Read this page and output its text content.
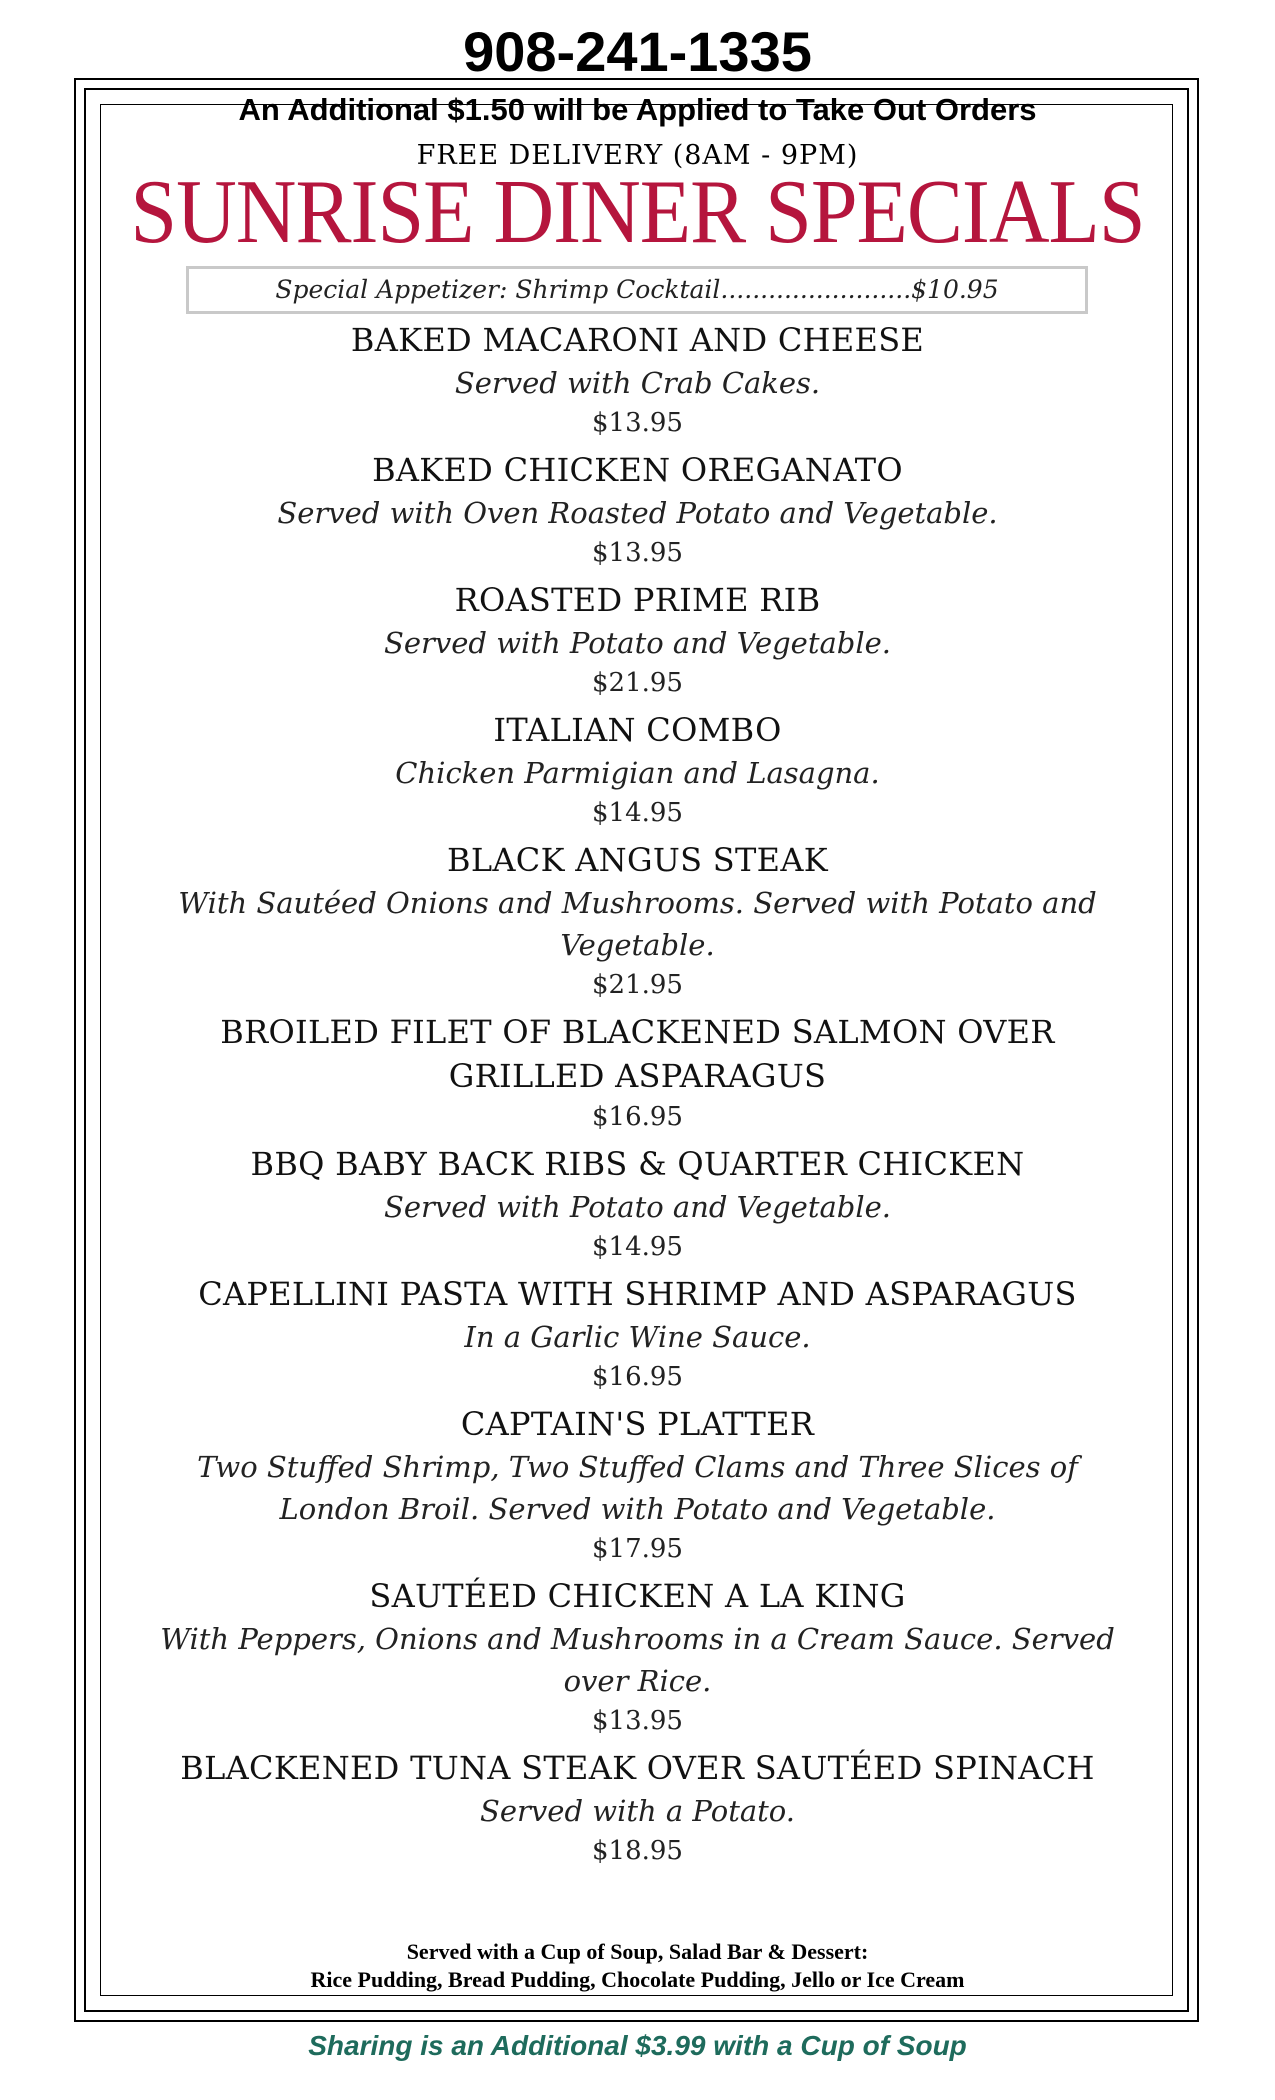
908-241-1335
An Additional $1.50 will be Applied to Take Out Orders
FREE DELIVERY (8AM - 9PM)
SUNRISE DINER SPECIALS
Special Appetizer: Shrimp Cocktail........................$10.95
BAKED MACARONI AND CHEESE
Served with Crab Cakes.
$13.95
BAKED CHICKEN OREGANATO
Served with Oven Roasted Potato and Vegetable.
$13.95
ROASTED PRIME RIB
Served with Potato and Vegetable.
$21.95
ITALIAN COMBO
Chicken Parmigian and Lasagna.
$14.95
BLACK ANGUS STEAK
With Sautéed Onions and Mushrooms. Served with Potato and Vegetable.
$21.95
BROILED FILET OF BLACKENED SALMON OVER GRILLED ASPARAGUS
$16.95
BBQ BABY BACK RIBS & QUARTER CHICKEN
Served with Potato and Vegetable.
$14.95
CAPELLINI PASTA WITH SHRIMP AND ASPARAGUS
In a Garlic Wine Sauce.
$16.95
CAPTAIN'S PLATTER
Two Stuffed Shrimp, Two Stuffed Clams and Three Slices of London Broil. Served with Potato and Vegetable.
$17.95
SAUTÉED CHICKEN A LA KING
With Peppers, Onions and Mushrooms in a Cream Sauce. Served over Rice.
$13.95
BLACKENED TUNA STEAK OVER SAUTÉED SPINACH
Served with a Potato.
$18.95
Served with a Cup of Soup, Salad Bar & Dessert:
Rice Pudding, Bread Pudding, Chocolate Pudding, Jello or Ice Cream
Sharing is an Additional $3.99 with a Cup of Soup
